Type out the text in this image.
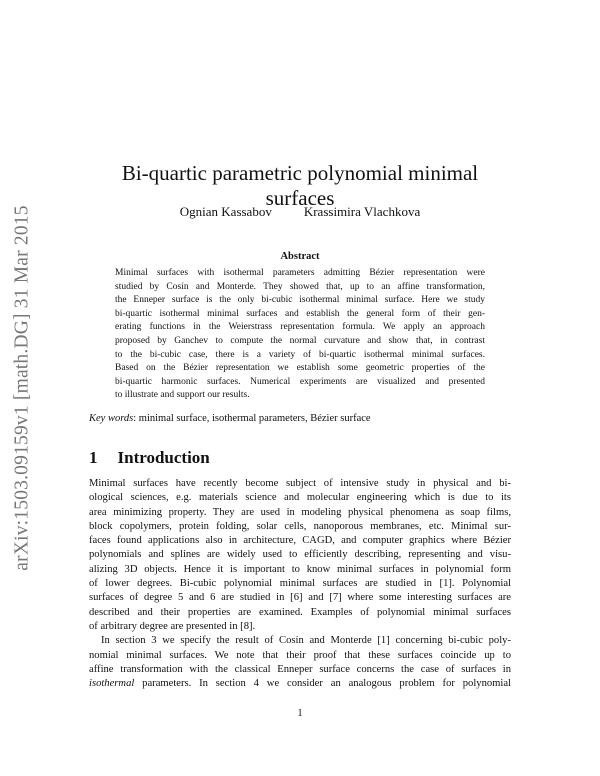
arXiv:1503.09159v1 [math.DG] 31 Mar 2015
Bi-quartic parametric polynomial minimal surfaces
Ognian Kassabov Krassimira Vlachkova
Abstract
Minimal surfaces with isothermal parameters admitting Bézier representation were
studied by Cosín and Monterde. They showed that, up to an affine transformation,
the Enneper surface is the only bi-cubic isothermal minimal surface. Here we study
bi-quartic isothermal minimal surfaces and establish the general form of their gen-
erating functions in the Weierstrass representation formula. We apply an approach
proposed by Ganchev to compute the normal curvature and show that, in contrast
to the bi-cubic case, there is a variety of bi-quartic isothermal minimal surfaces.
Based on the Bézier representation we establish some geometric properties of the
bi-quartic harmonic surfaces. Numerical experiments are visualized and presented
to illustrate and support our results.
Key words: minimal surface, isothermal parameters, Bézier surface
1 Introduction
Minimal surfaces have recently become subject of intensive study in physical and bi-
ological sciences, e.g. materials science and molecular engineering which is due to its
area minimizing property. They are used in modeling physical phenomena as soap films,
block copolymers, protein folding, solar cells, nanoporous membranes, etc. Minimal sur-
faces found applications also in architecture, CAGD, and computer graphics where Bézier
polynomials and splines are widely used to efficiently describing, representing and visu-
alizing 3D objects. Hence it is important to know minimal surfaces in polynomial form
of lower degrees. Bi-cubic polynomial minimal surfaces are studied in [1]. Polynomial
surfaces of degree 5 and 6 are studied in [6] and [7] where some interesting surfaces are
described and their properties are examined. Examples of polynomial minimal surfaces
of arbitrary degree are presented in [8].
In section 3 we specify the result of Cosín and Monterde [1] concerning bi-cubic poly-
nomial minimal surfaces. We note that their proof that these surfaces coincide up to
affine transformation with the classical Enneper surface concerns the case of surfaces in
isothermal parameters. In section 4 we consider an analogous problem for polynomial
1
